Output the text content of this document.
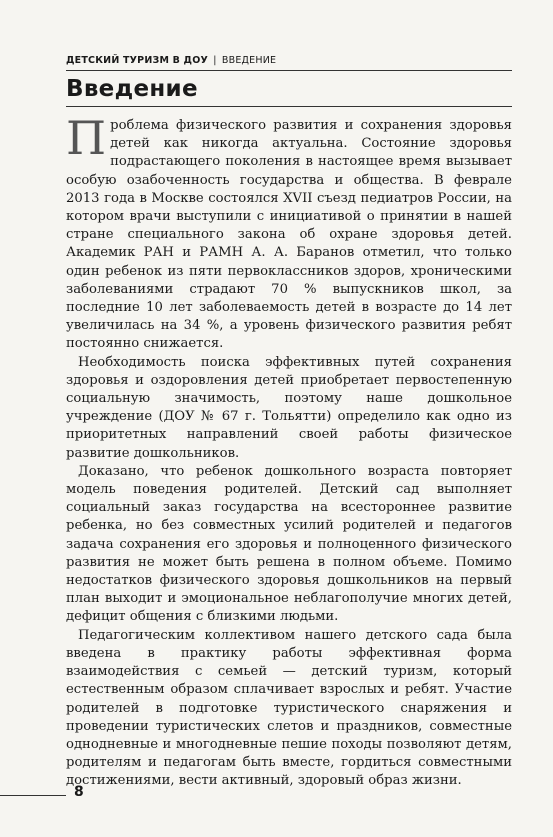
ДЕТСКИЙ ТУРИЗМ В ДОУ | ВВЕДЕНИЕ
Введение

Проблема физического развития и сохранения здоровья детей как никогда актуальна. Состояние здоровья подрастающего поколения в настоящее время вызывает особую озабоченность государства и общества. В феврале 2013 года в Москве состоялся XVII съезд педиатров России, на котором врачи выступили с инициативой о принятии в нашей стране специального закона об охране здоровья детей. Академик РАН и РАМН А. А. Баранов отметил, что только один ребенок из пяти первоклассников здоров, хроническими заболеваниями страдают 70 % выпускников школ, за последние 10 лет заболеваемость детей в возрасте до 14 лет увеличилась на 34 %, а уровень физического развития ребят постоянно снижается.

Необходимость поиска эффективных путей сохранения здоровья и оздоровления детей приобретает первостепенную социальную значимость, поэтому наше дошкольное учреждение (ДОУ № 67 г. Тольятти) определило как одно из приоритетных направлений своей работы физическое развитие дошкольников.

Доказано, что ребенок дошкольного возраста повторяет модель поведения родителей. Детский сад выполняет социальный заказ государства на всестороннее развитие ребенка, но без совместных усилий родителей и педагогов задача сохранения его здоровья и полноценного физического развития не может быть решена в полном объеме. Помимо недостатков физического здоровья дошкольников на первый план выходит и эмоциональное неблагополучие многих детей, дефицит общения с близкими людьми.

Педагогическим коллективом нашего детского сада была введена в практику работы эффективная форма взаимодействия с семьей — детский туризм, который естественным образом сплачивает взрослых и ребят. Участие родителей в подготовке туристического снаряжения и проведении туристических слетов и праздников, совместные однодневные и многодневные пешие походы позволяют детям, родителям и педагогам быть вместе, гордиться совместными достижениями, вести активный, здоровый образ жизни.

8
